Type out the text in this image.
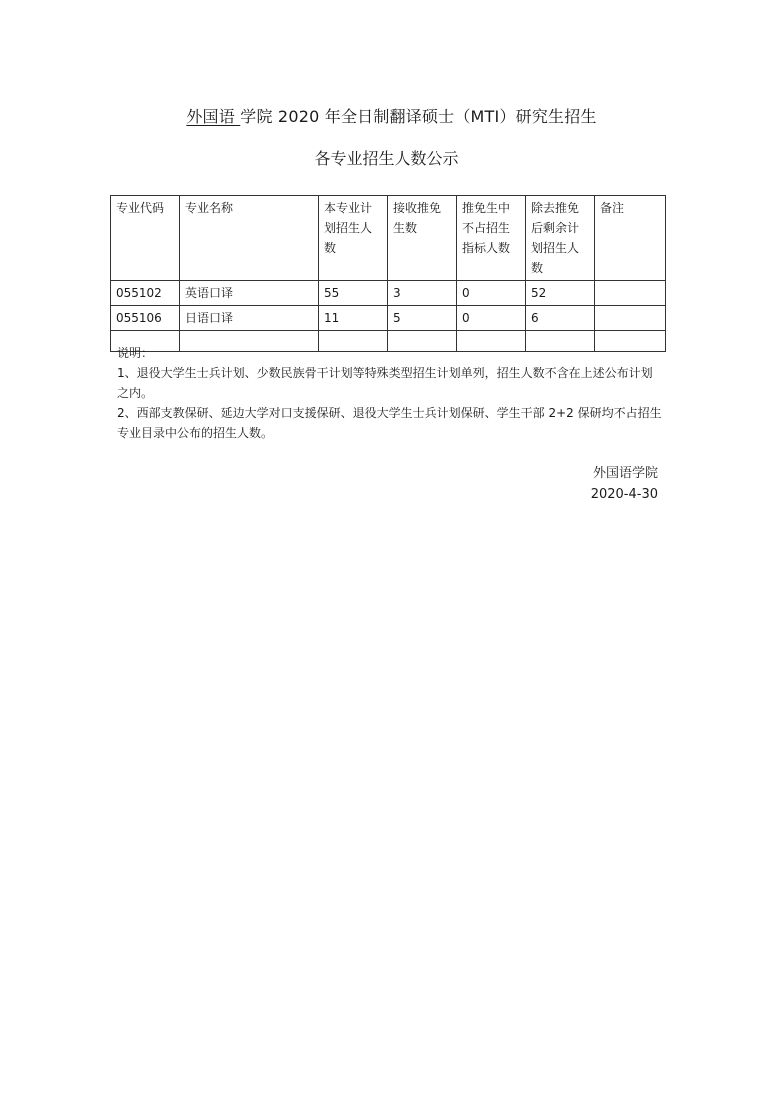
外国语 学院 2020 年全日制翻译硕士（MTI）研究生招生
各专业招生人数公示
专业代码	专业名称	本专业计划招生人数	接收推免生数	推免生中不占招生指标人数	除去推免后剩余计划招生人数	备注
055102	英语口译	55	3	0	52	
055106	日语口译	11	5	0	6	

说明：

1、退役大学生士兵计划、少数民族骨干计划等特殊类型招生计划单列，招生人数不含在上述公布计划之内。

2、西部支教保研、延边大学对口支援保研、退役大学生士兵计划保研、学生干部 2+2 保研均不占招生专业目录中公布的招生人数。

外国语学院
2020-4-30
